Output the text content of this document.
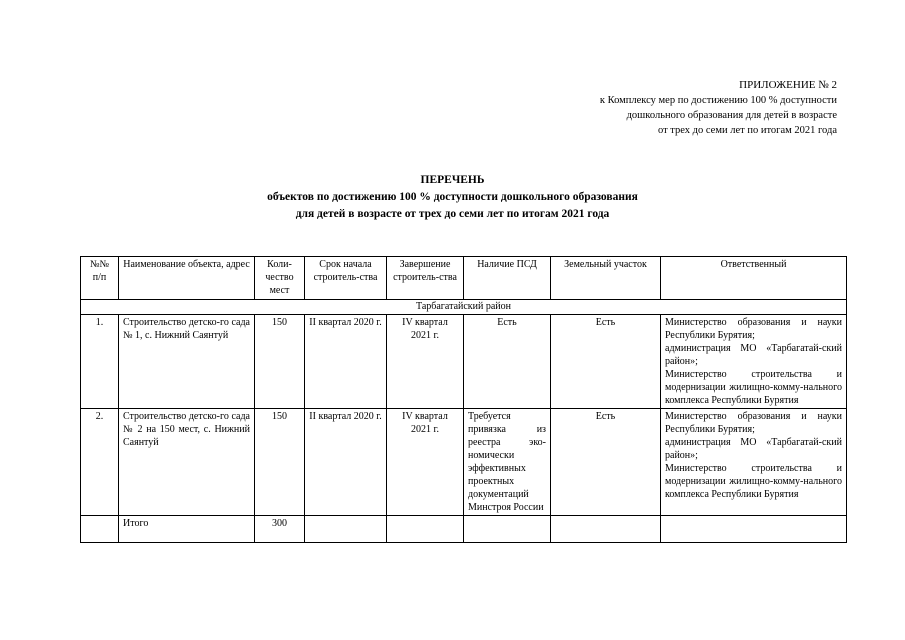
ПРИЛОЖЕНИЕ № 2
к Комплексу мер по достижению 100 % доступности
дошкольного образования для детей в возрасте
от трех до семи лет по итогам 2021 года
ПЕРЕЧЕНЬ
объектов по достижению 100 % доступности дошкольного образования
для детей в возрасте от трех до семи лет по итогам 2021 года
№№ п/п	Наименование объекта, адрес	Коли-чество мест	Срок начала строитель-ства	Завершение строитель-ства	Наличие ПСД	Земельный участок	Ответственный
Тарбагатайский район							
1.	Строительство детско-го сада № 1, с. Нижний Саянтуй	150	II квартал 2020 г.	IV квартал 2021 г.	Есть	Есть	Министерство образования и науки Республики Бурятия;
администрация МО «Тарбагатай-ский район»;
Министерство строительства и модернизации жилищно-комму-нального комплекса Республики Бурятия

2.	Строительство детско-го сада № 2 на 150 мест, с. Нижний Саянтуй	150	II квартал 2020 г.	IV квартал 2021 г.	Требуется привязка из реестра эко-номически эффективных проектных документаций Минстроя России	Есть	Министерство образования и науки Республики Бурятия;
администрация МО «Тарбагатай-ский район»;
Министерство строительства и модернизации жилищно-комму-нального комплекса Республики Бурятия

	Итого	300					
